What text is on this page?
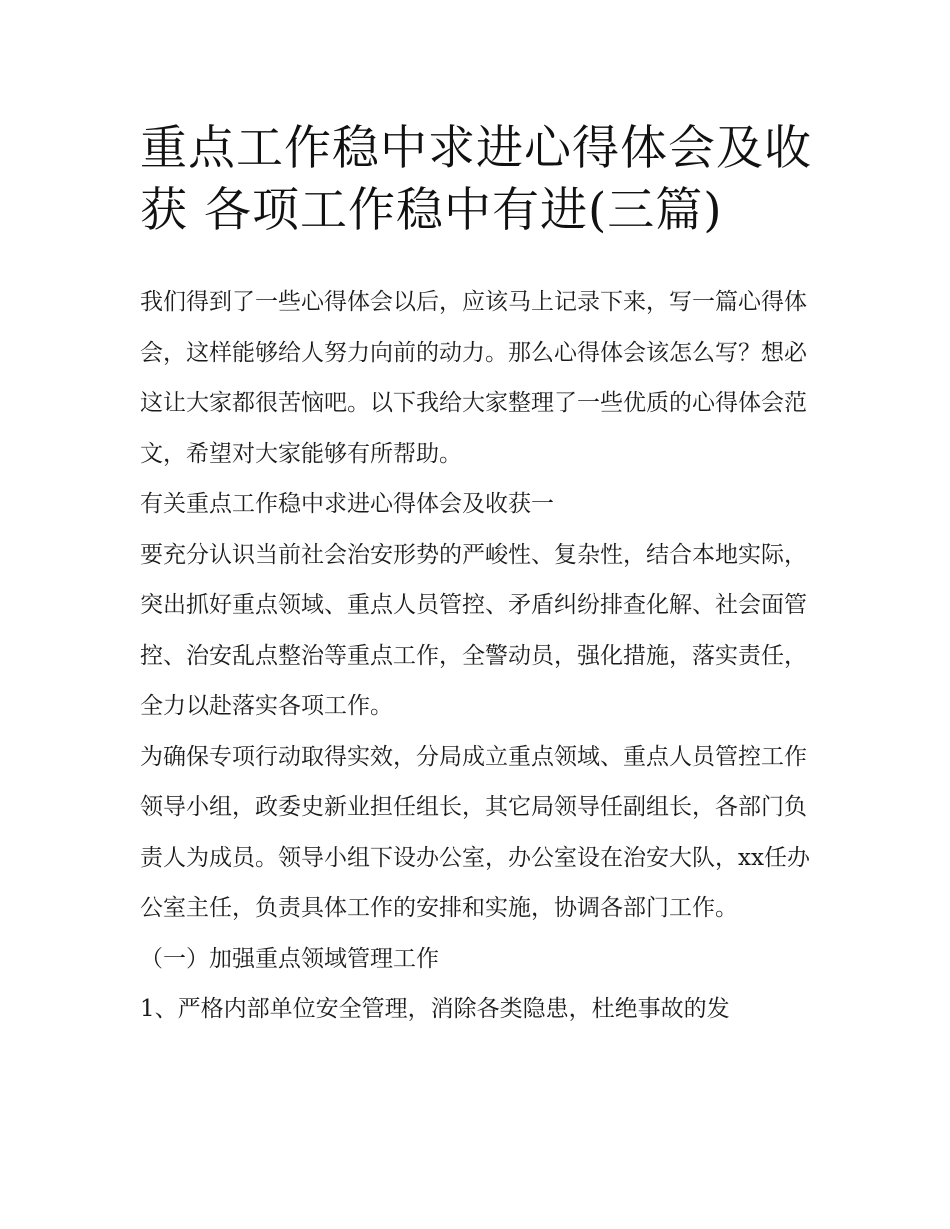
重点工作稳中求进心得体会及收获 各项工作稳中有进(三篇)

我们得到了一些心得体会以后，应该马上记录下来，写一篇心得体会，这样能够给人努力向前的动力。那么心得体会该怎么写？想必这让大家都很苦恼吧。以下我给大家整理了一些优质的心得体会范文，希望对大家能够有所帮助。

有关重点工作稳中求进心得体会及收获一

要充分认识当前社会治安形势的严峻性、复杂性，结合本地实际，突出抓好重点领域、重点人员管控、矛盾纠纷排查化解、社会面管控、治安乱点整治等重点工作，全警动员，强化措施，落实责任，全力以赴落实各项工作。

为确保专项行动取得实效，分局成立重点领域、重点人员管控工作领导小组，政委史新业担任组长，其它局领导任副组长，各部门负责人为成员。领导小组下设办公室，办公室设在治安大队，xx任办公室主任，负责具体工作的安排和实施，协调各部门工作。

（一）加强重点领域管理工作

1、严格内部单位安全管理，消除各类隐患，杜绝事故的发
